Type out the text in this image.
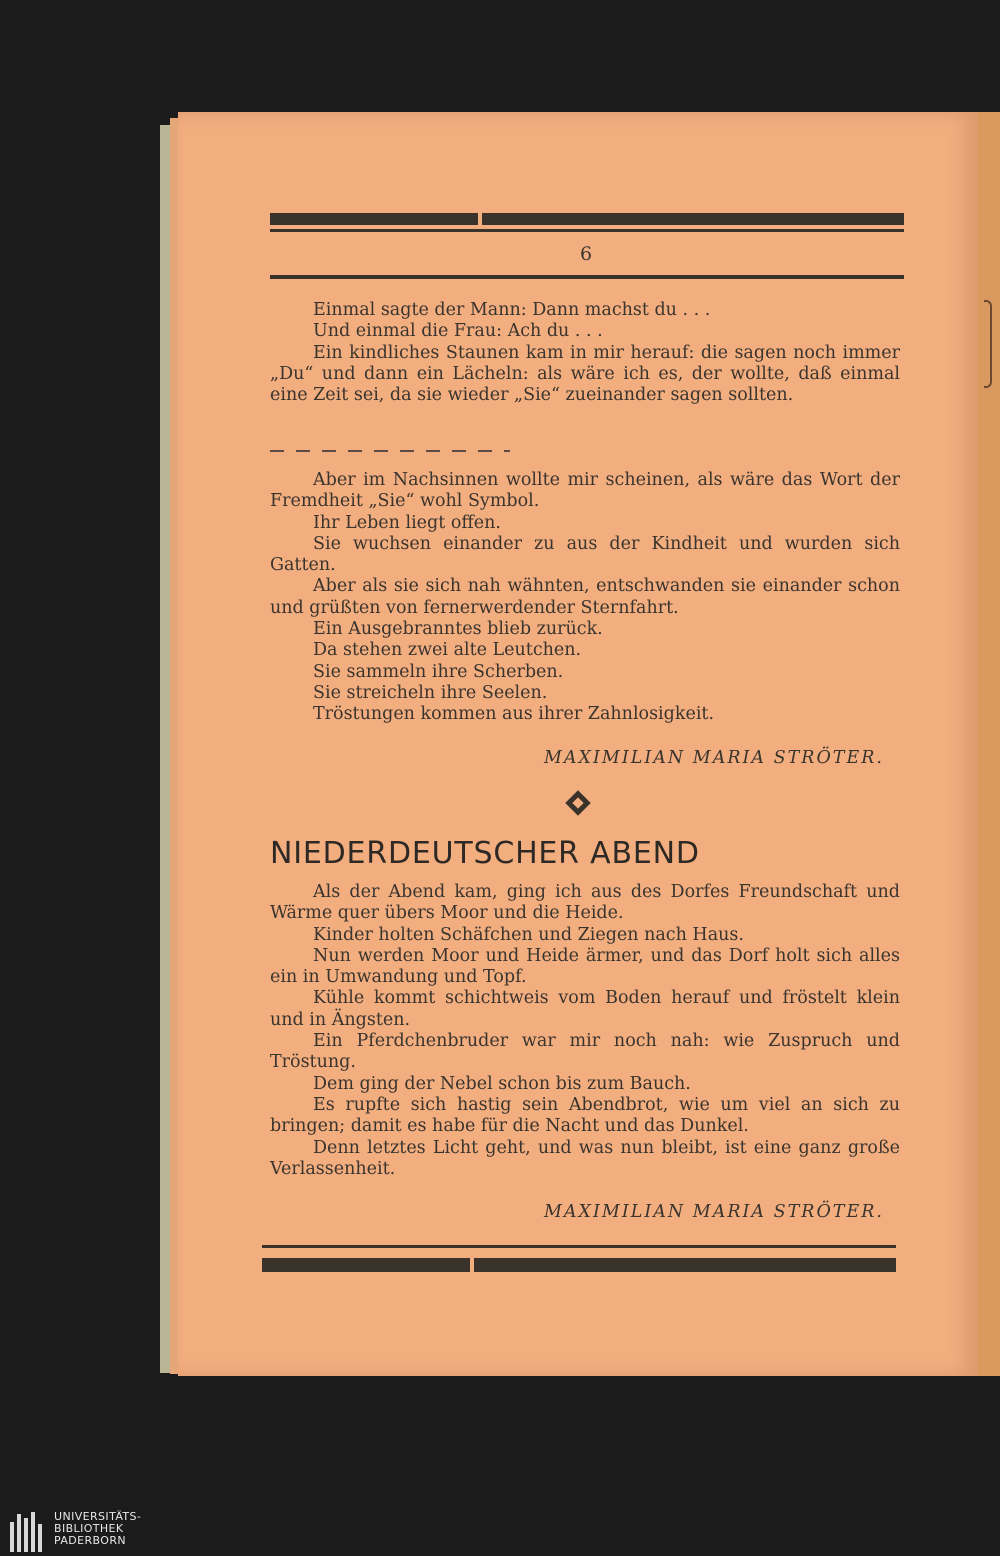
6

Einmal sagte der Mann: Dann machst du . . .

Und einmal die Frau: Ach du . . .

Ein kindliches Staunen kam in mir herauf: die sagen noch immer „Du“ und dann ein Lächeln: als wäre ich es, der wollte, daß einmal eine Zeit sei, da sie wieder „Sie“ zueinander sagen sollten.

Aber im Nachsinnen wollte mir scheinen, als wäre das Wort der Fremdheit „Sie“ wohl Symbol.

Ihr Leben liegt offen.

Sie wuchsen einander zu aus der Kindheit und wurden sich Gatten.

Aber als sie sich nah wähnten, entschwanden sie einander schon und grüßten von fernerwerdender Sternfahrt.

Ein Ausgebranntes blieb zurück.

Da stehen zwei alte Leutchen.

Sie sammeln ihre Scherben.

Sie streicheln ihre Seelen.

Tröstungen kommen aus ihrer Zahnlosigkeit.

MAXIMILIAN MARIA STRÖTER.
NIEDERDEUTSCHER ABEND

Als der Abend kam, ging ich aus des Dorfes Freundschaft und Wärme quer übers Moor und die Heide.

Kinder holten Schäfchen und Ziegen nach Haus.

Nun werden Moor und Heide ärmer, und das Dorf holt sich alles ein in Umwandung und Topf.

Kühle kommt schichtweis vom Boden herauf und fröstelt klein und in Ängsten.

Ein Pferdchenbruder war mir noch nah: wie Zuspruch und Tröstung.

Dem ging der Nebel schon bis zum Bauch.

Es rupfte sich hastig sein Abendbrot, wie um viel an sich zu bringen; damit es habe für die Nacht und das Dunkel.

Denn letztes Licht geht, und was nun bleibt, ist eine ganz große Verlassenheit.

MAXIMILIAN MARIA STRÖTER.
UNIVERSITÄTS-
BIBLIOTHEK
PADERBORN
